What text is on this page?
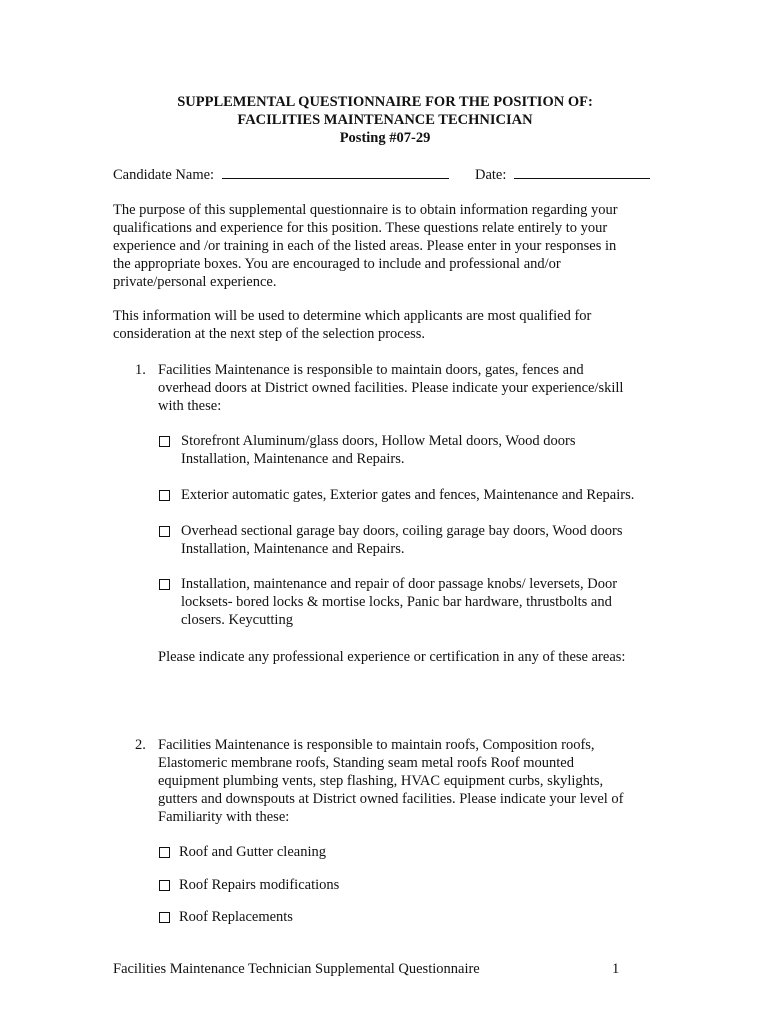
SUPPLEMENTAL QUESTIONNAIRE FOR THE POSITION OF:
FACILITIES MAINTENANCE TECHNICIAN
Posting #07-29
Candidate Name:	Date:
The purpose of this supplemental questionnaire is to obtain information regarding your
qualifications and experience for this position. These questions relate entirely to your
experience and /or training in each of the listed areas. Please enter in your responses in
the appropriate boxes. You are encouraged to include and professional and/or
private/personal experience.
This information will be used to determine which applicants are most qualified for
consideration at the next step of the selection process.
1. Facilities Maintenance is responsible to maintain doors, gates, fences and
overhead doors at District owned facilities. Please indicate your experience/skill
with these:
Storefront Aluminum/glass doors, Hollow Metal doors, Wood doors
Installation, Maintenance and Repairs.
Exterior automatic gates, Exterior gates and fences, Maintenance and Repairs.
Overhead sectional garage bay doors, coiling garage bay doors, Wood doors
Installation, Maintenance and Repairs.
Installation, maintenance and repair of door passage knobs/ leversets, Door
locksets- bored locks & mortise locks, Panic bar hardware, thrustbolts and
closers. Keycutting
Please indicate any professional experience or certification in any of these areas:
2. Facilities Maintenance is responsible to maintain roofs, Composition roofs,
Elastomeric membrane roofs, Standing seam metal roofs Roof mounted
equipment plumbing vents, step flashing, HVAC equipment curbs, skylights,
gutters and downspouts at District owned facilities. Please indicate your level of
Familiarity with these:
Roof and Gutter cleaning
Roof Repairs modifications
Roof Replacements
Facilities Maintenance Technician Supplemental Questionnaire	1
